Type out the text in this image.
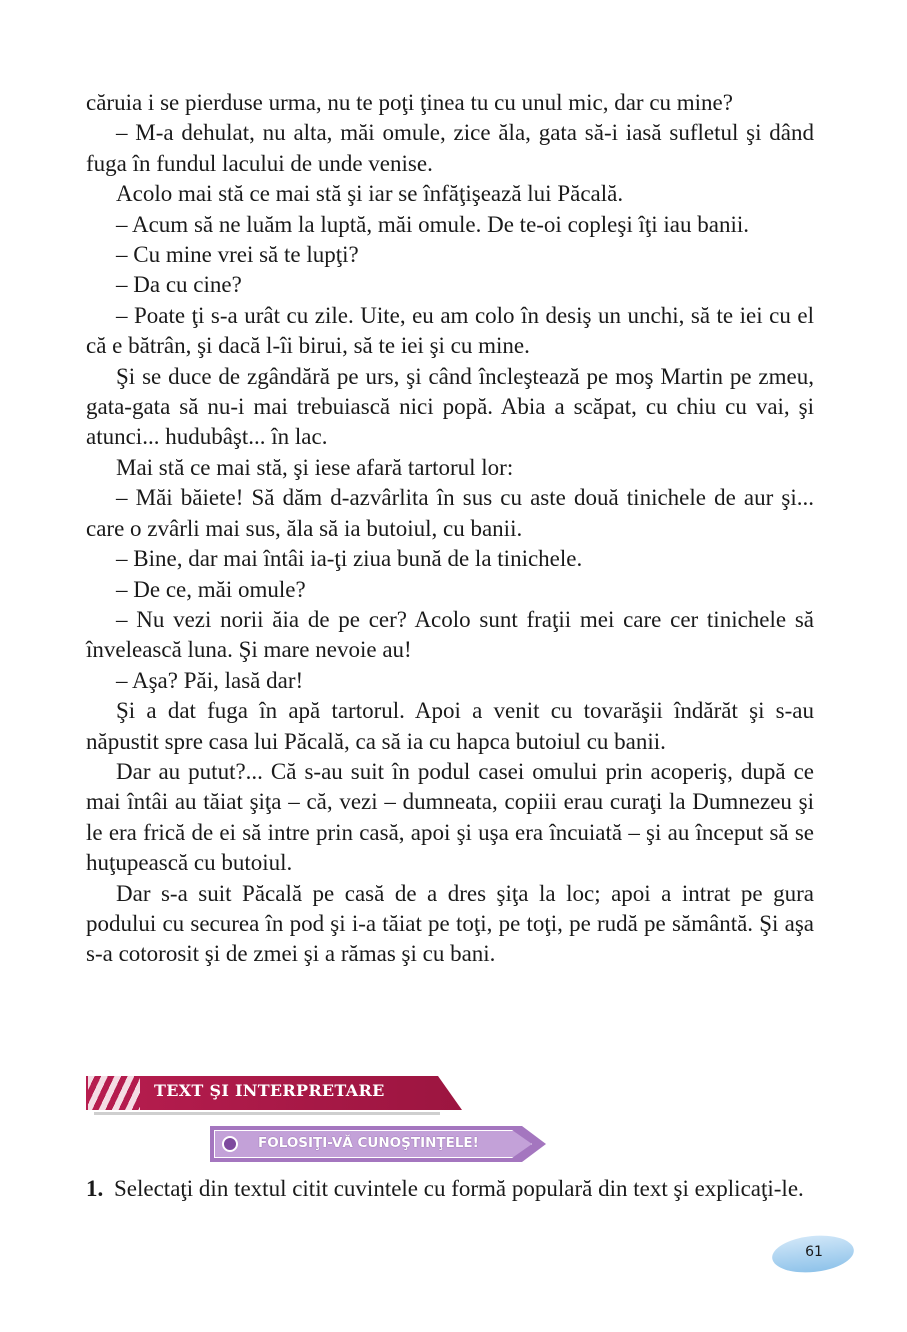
căruia i se pierduse urma, nu te poţi ţinea tu cu unul mic, dar cu mine?

– M-a dehulat, nu alta, măi omule, zice ăla, gata să-i iasă sufletul şi dând fuga în fundul lacului de unde venise.

Acolo mai stă ce mai stă şi iar se înfăţişează lui Păcală.

– Acum să ne luăm la luptă, măi omule. De te-oi copleşi îţi iau banii.

– Cu mine vrei să te lupţi?

– Da cu cine?

– Poate ţi s-a urât cu zile. Uite, eu am colo în desiş un unchi, să te iei cu el că e bătrân, şi dacă l-îi birui, să te iei şi cu mine.

Şi se duce de zgândără pe urs, şi când încleştează pe moş Martin pe zmeu, gata-gata să nu-i mai trebuiască nici popă. Abia a scăpat, cu chiu cu vai, şi atunci... hudubâşt... în lac.

Mai stă ce mai stă, şi iese afară tartorul lor:

– Măi băiete! Să dăm d-azvârlita în sus cu aste două tinichele de aur şi... care o zvârli mai sus, ăla să ia butoiul, cu banii.

– Bine, dar mai întâi ia-ţi ziua bună de la tinichele.

– De ce, măi omule?

– Nu vezi norii ăia de pe cer? Acolo sunt fraţii mei care cer tinichele să învelească luna. Şi mare nevoie au!

– Aşa? Păi, lasă dar!

Şi a dat fuga în apă tartorul. Apoi a venit cu tovarăşii îndărăt şi s-au năpustit spre casa lui Păcală, ca să ia cu hapca butoiul cu banii.

Dar au putut?... Că s-au suit în podul casei omului prin acoperiş, după ce mai întâi au tăiat şiţa – că, vezi – dumneata, copiii erau curaţi la Dumnezeu şi le era frică de ei să intre prin casă, apoi şi uşa era încuiată – şi au început să se huţupească cu butoiul.

Dar s-a suit Păcală pe casă de a dres şiţa la loc; apoi a intrat pe gura podului cu securea în pod şi i-a tăiat pe toţi, pe toţi, pe rudă pe sământă. Şi aşa s-a cotorosit şi de zmei şi a rămas şi cu bani.

TEXT ŞI INTERPRETARE
FOLOSIŢI-VĂ CUNOŞTINŢELE!
1. Selectaţi din textul citit cuvintele cu formă populară din text şi explicaţi-le.
61
